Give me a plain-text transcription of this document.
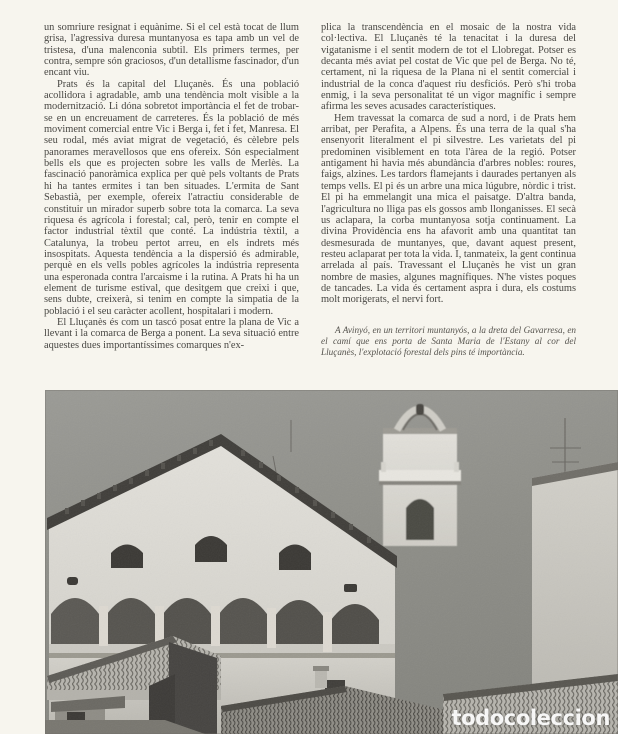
un somriure resignat i equànime. Si el cel està tocat de llum grisa, l'agressiva duresa muntanyosa es tapa amb un vel de tristesa, d'una malenconia subtil. Els primers termes, per contra, sempre són graciosos, d'un detallisme fascinador, d'un encant viu.

Prats és la capital del Lluçanès. És una població acollidora i agradable, amb una tendència molt visible a la modernització. Li dóna sobretot importància el fet de trobar-se en un encreuament de carreteres. És la població de més moviment comercial entre Vic i Berga i, fet i fet, Manresa. El seu rodal, més aviat migrat de vegetació, és cèlebre pels panorames meravellosos que ens ofereix. Són especialment bells els que es projecten sobre les valls de Merlès. La fascinació panoràmica explica per què pels voltants de Prats hi ha tantes ermites i tan ben situades. L'ermita de Sant Sebastià, per exemple, ofereix l'atractiu considerable de constituir un mirador superb sobre tota la comarca. La seva riquesa és agrícola i forestal; cal, però, tenir en compte el factor industrial tèxtil que conté. La indústria tèxtil, a Catalunya, la trobeu pertot arreu, en els indrets més insospitats. Aquesta tendència a la dispersió és admirable, perquè en els vells pobles agrícoles la indústria representa una esperonada contra l'arcaisme i la rutina. A Prats hi ha un element de turisme estival, que desitgem que creixi i que, sens dubte, creixerà, si tenim en compte la simpatia de la població i el seu caràcter acollent, hospitalari i modern.

El Lluçanès és com un tascó posat entre la plana de Vic a llevant i la comarca de Berga a ponent. La seva situació entre aquestes dues importantíssimes comarques n'ex-

plica la transcendència en el mosaic de la nostra vida col·lectiva. El Lluçanès té la tenacitat i la duresa del vigatanisme i el sentit modern de tot el Llobregat. Potser es decanta més aviat pel costat de Vic que pel de Berga. No té, certament, ni la riquesa de la Plana ni el sentit comercial i industrial de la conca d'aquest riu desficiós. Però s'hi troba enmig, i la seva personalitat té un vigor magnífic i sempre afirma les seves acusades característiques.

Hem travessat la comarca de sud a nord, i de Prats hem arribat, per Perafita, a Alpens. És una terra de la qual s'ha ensenyorit literalment el pi silvestre. Les varietats del pi predominen visiblement en tota l'àrea de la regió. Potser antigament hi havia més abundància d'arbres nobles: roures, faigs, alzines. Les tardors flamejants i daurades pertanyen als temps vells. El pi és un arbre una mica lúgubre, nòrdic i trist. El pi ha emmelangit una mica el paisatge. D'altra banda, l'agricultura no lliga pas els gossos amb llonganisses. El secà us aclapara, la corba muntanyosa sotja continuament. La divina Providència ens ha afavorit amb una quantitat tan desmesurada de muntanyes, que, davant aquest present, resteu aclaparat per tota la vida. I, tanmateix, la gent continua arrelada al país. Travessant el Lluçanès he vist un gran nombre de masies, algunes magnífiques. N'he vistes poques de tancades. La vida és certament aspra i dura, els costums molt morigerats, el nervi fort.

A Avinyó, en un territori muntanyós, a la dreta del Gavarresa, en el camí que ens porta de Santa Maria de l'Estany al cor del Lluçanès, l'explotació forestal dels pins té importància.

todocoleccion
